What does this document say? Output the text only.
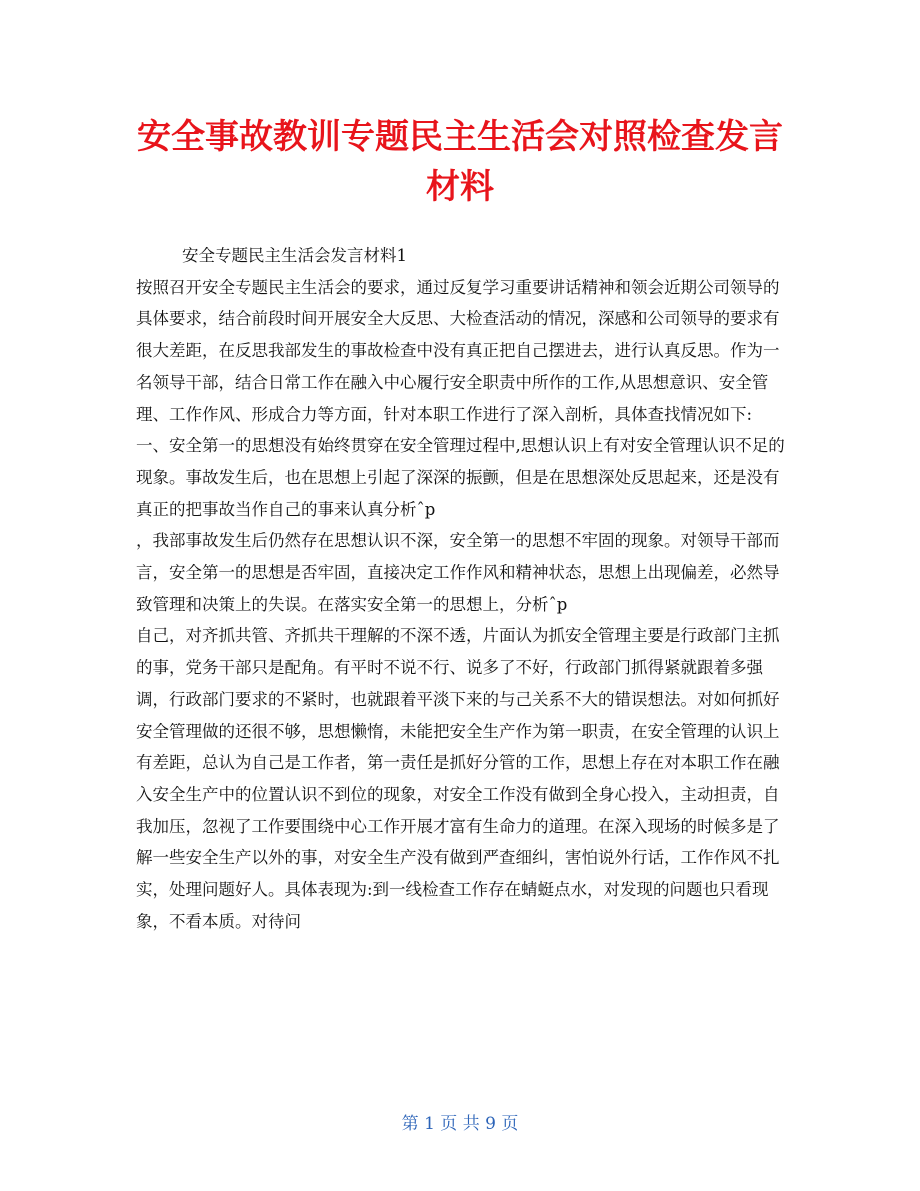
安全事故教训专题民主生活会对照检查发言材料

安全专题民主生活会发言材料1

按照召开安全专题民主生活会的要求，通过反复学习重要讲话精神和领会近期公司领导的具体要求，结合前段时间开展安全大反思、大检查活动的情况，深感和公司领导的要求有很大差距，在反思我部发生的事故检查中没有真正把自己摆进去，进行认真反思。作为一名领导干部，结合日常工作在融入中心履行安全职责中所作的工作,从思想意识、安全管理、工作作风、形成合力等方面，针对本职工作进行了深入剖析，具体查找情况如下:

一、安全第一的思想没有始终贯穿在安全管理过程中,思想认识上有对安全管理认识不足的现象。事故发生后，也在思想上引起了深深的振颤，但是在思想深处反思起来，还是没有真正的把事故当作自己的事来认真分析ˆp

，我部事故发生后仍然存在思想认识不深，安全第一的思想不牢固的现象。对领导干部而言，安全第一的思想是否牢固，直接决定工作作风和精神状态，思想上出现偏差，必然导致管理和决策上的失误。在落实安全第一的思想上，分析ˆp

自己，对齐抓共管、齐抓共干理解的不深不透，片面认为抓安全管理主要是行政部门主抓的事，党务干部只是配角。有平时不说不行、说多了不好，行政部门抓得紧就跟着多强调，行政部门要求的不紧时，也就跟着平淡下来的与己关系不大的错误想法。对如何抓好安全管理做的还很不够，思想懒惰，未能把安全生产作为第一职责，在安全管理的认识上有差距，总认为自己是工作者，第一责任是抓好分管的工作，思想上存在对本职工作在融入安全生产中的位置认识不到位的现象，对安全工作没有做到全身心投入，主动担责，自我加压，忽视了工作要围绕中心工作开展才富有生命力的道理。在深入现场的时候多是了解一些安全生产以外的事，对安全生产没有做到严查细纠，害怕说外行话，工作作风不扎实，处理问题好人。具体表现为:到一线检查工作存在蜻蜓点水，对发现的问题也只看现象，不看本质。对待问

第 1 页 共 9 页
